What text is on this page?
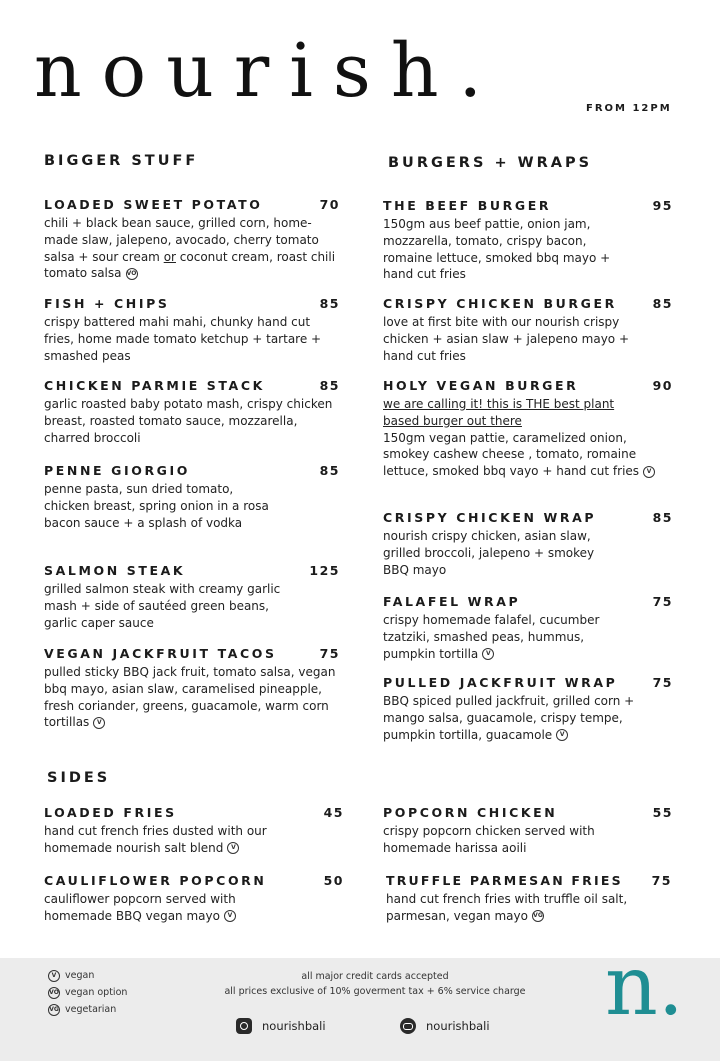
nourish.	FROM 12PM
BIGGER STUFF
LOADED SWEET POTATO	70
chili + black bean sauce, grilled corn, home-made slaw, jalepeno, avocado, cherry tomato salsa + sour cream or coconut cream, roast chili tomato salsa VO
FISH + CHIPS	85
crispy battered mahi mahi, chunky hand cut fries, home made tomato ketchup + tartare + smashed peas
CHICKEN PARMIE STACK	85
garlic roasted baby potato mash, crispy chicken breast, roasted tomato sauce, mozzarella, charred broccoli
PENNE GIORGIO	85
penne pasta, sun dried tomato, chicken breast, spring onion in a rosa bacon sauce + a splash of vodka
SALMON STEAK	125
grilled salmon steak with creamy garlic mash + side of sautéed green beans, garlic caper sauce
VEGAN JACKFRUIT TACOS	75
pulled sticky BBQ jack fruit, tomato salsa, vegan bbq mayo, asian slaw, caramelised pineapple, fresh coriander, greens, guacamole, warm corn tortillas V
BURGERS + WRAPS
THE BEEF BURGER	95
150gm aus beef pattie, onion jam, mozzarella, tomato, crispy bacon, romaine lettuce, smoked bbq mayo + hand cut fries
CRISPY CHICKEN BURGER	85
love at first bite with our nourish crispy chicken + asian slaw + jalepeno mayo + hand cut fries
HOLY VEGAN BURGER	90
we are calling it! this is THE best plant based burger out there
150gm vegan pattie, caramelized onion, smokey cashew cheese , tomato, romaine lettuce, smoked bbq vayo + hand cut fries V
CRISPY CHICKEN WRAP	85
nourish crispy chicken, asian slaw, grilled broccoli, jalepeno + smokey BBQ mayo
FALAFEL WRAP	75
crispy homemade falafel, cucumber tzatziki, smashed peas, hummus, pumpkin tortilla V
PULLED JACKFRUIT WRAP	75
BBQ spiced pulled jackfruit, grilled corn + mango salsa, guacamole, crispy tempe, pumpkin tortilla, guacamole V
SIDES
LOADED FRIES	45
hand cut french fries dusted with our homemade nourish salt blend V
POPCORN CHICKEN	55
crispy popcorn chicken served with homemade harissa aoili
CAULIFLOWER POPCORN	50
cauliflower popcorn served with homemade BBQ vegan mayo V
TRUFFLE PARMESAN FRIES 75
hand cut french fries with truffle oil salt, parmesan, vegan mayo VG
V vegan
VO vegan option
VG vegetarian
all major credit cards accepted
all prices exclusive of 10% goverment tax + 6% service charge
nourishbali	nourishbali n.
